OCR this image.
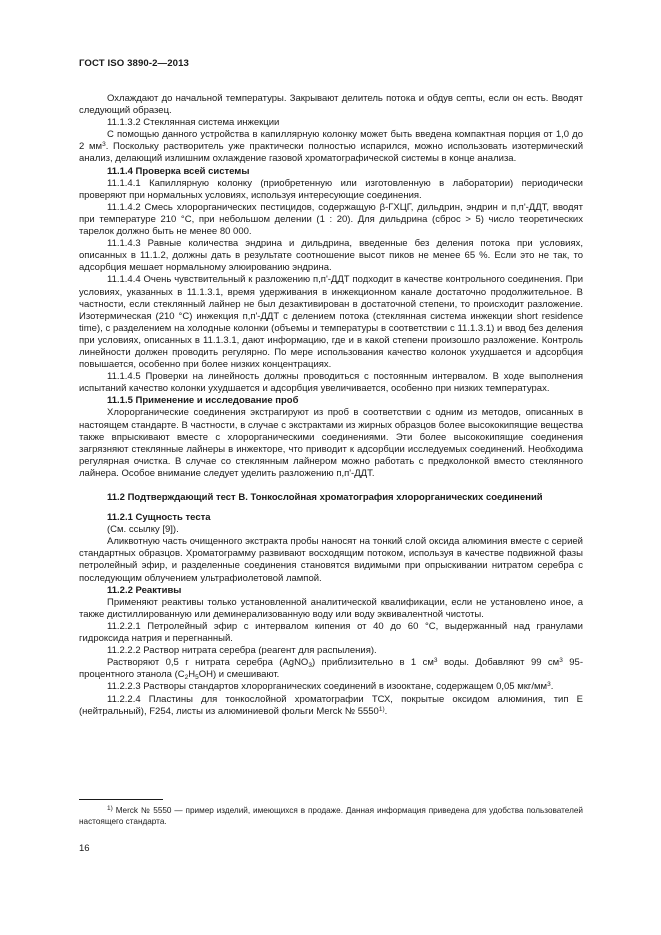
ГОСТ ISO 3890-2—2013

Охлаждают до начальной температуры. Закрывают делитель потока и обдув септы, если он есть. Вводят следующий образец.

11.1.3.2 Стеклянная система инжекции

С помощью данного устройства в капиллярную колонку может быть введена компактная порция от 1,0 до 2 $мм^3$. Поскольку растворитель уже практически полностью испарился, можно использовать изотермический анализ, делающий излишним охлаждение газовой хроматографической системы в конце анализа.

11.1.4 Проверка всей системы

11.1.4.1 Капиллярную колонку (приобретенную или изготовленную в лаборатории) периодически проверяют при нормальных условиях, используя интересующие соединения.

11.1.4.2 Смесь хлорорганических пестицидов, содержащую β-ГХЦГ, дильдрин, эндрин и п,п'-ДДТ, вводят при температуре 210 °С, при небольшом делении (1 : 20). Для дильдрина (сброс > 5) число теоретических тарелок должно быть не менее 80 000.

11.1.4.3 Равные количества эндрина и дильдрина, введенные без деления потока при условиях, описанных в 11.1.2, должны дать в результате соотношение высот пиков не менее 65 %. Если это не так, то адсорбция мешает нормальному элюированию эндрина.

11.1.4.4 Очень чувствительный к разложению п,п'-ДДТ подходит в качестве контрольного соединения. При условиях, указанных в 11.1.3.1, время удерживания в инжекционном канале достаточно продолжительное. В частности, если стеклянный лайнер не был дезактивирован в достаточной степени, то происходит разложение. Изотермическая (210 °С) инжекция п,п'-ДДТ с делением потока (стеклянная система инжекции short residence time), с разделением на холодные колонки (объемы и температуры в соответствии с 11.1.3.1) и ввод без деления при условиях, описанных в 11.1.3.1, дают информацию, где и в какой степени произошло разложение. Контроль линейности должен проводить регулярно. По мере использования качество колонок ухудшается и адсорбция повышается, особенно при более низких концентрациях.

11.1.4.5 Проверки на линейность должны проводиться с постоянным интервалом. В ходе выполнения испытаний качество колонки ухудшается и адсорбция увеличивается, особенно при низких температурах.

11.1.5 Применение и исследование проб

Хлорорганические соединения экстрагируют из проб в соответствии с одним из методов, описанных в настоящем стандарте. В частности, в случае с экстрактами из жирных образцов более высококипящие вещества также впрыскивают вместе с хлорорганическими соединениями. Эти более высококипящие соединения загрязняют стеклянные лайнеры в инжекторе, что приводит к адсорбции исследуемых соединений. Необходима регулярная очистка. В случае со стеклянным лайнером можно работать с предколонкой вместо стеклянного лайнера. Особое внимание следует уделить разложению п,п'-ДДТ.

11.2 Подтверждающий тест В. Тонкослойная хроматография хлорорганических соединений

11.2.1 Сущность теста

(См. ссылку [9]).

Аликвотную часть очищенного экстракта пробы наносят на тонкий слой оксида алюминия вместе с серией стандартных образцов. Хроматограмму развивают восходящим потоком, используя в качестве подвижной фазы петролейный эфир, и разделенные соединения становятся видимыми при опрыскивании нитратом серебра с последующим облучением ультрафиолетовой лампой.

11.2.2 Реактивы

Применяют реактивы только установленной аналитической квалификации, если не установлено иное, а также дистиллированную или деминерализованную воду или воду эквивалентной чистоты.

11.2.2.1 Петролейный эфир с интервалом кипения от 40 до 60 °С, выдержанный над гранулами гидроксида натрия и перегнанный.

11.2.2.2 Раствор нитрата серебра (реагент для распыления).

Растворяют 0,5 г нитрата серебра (AgNO$_3$) приблизительно в 1 $см^3$ воды. Добавляют 99 $см^3$ 95-процентного этанола $(С_2Н_5ОН)$ и смешивают.

11.2.2.3 Растворы стандартов хлорорганических соединений в изооктане, содержащем 0,05 мкг/$мм^3$.

11.2.2.4 Пластины для тонкослойной хроматографии ТСХ, покрытые оксидом алюминия, тип Е (нейтральный), F254, листы из алюминиевой фольги Merck № 5550$^{1)}$.

$^{1)}$ Merck № 5550 — пример изделий, имеющихся в продаже. Данная информация приведена для удобства пользователей настоящего стандарта.

16
